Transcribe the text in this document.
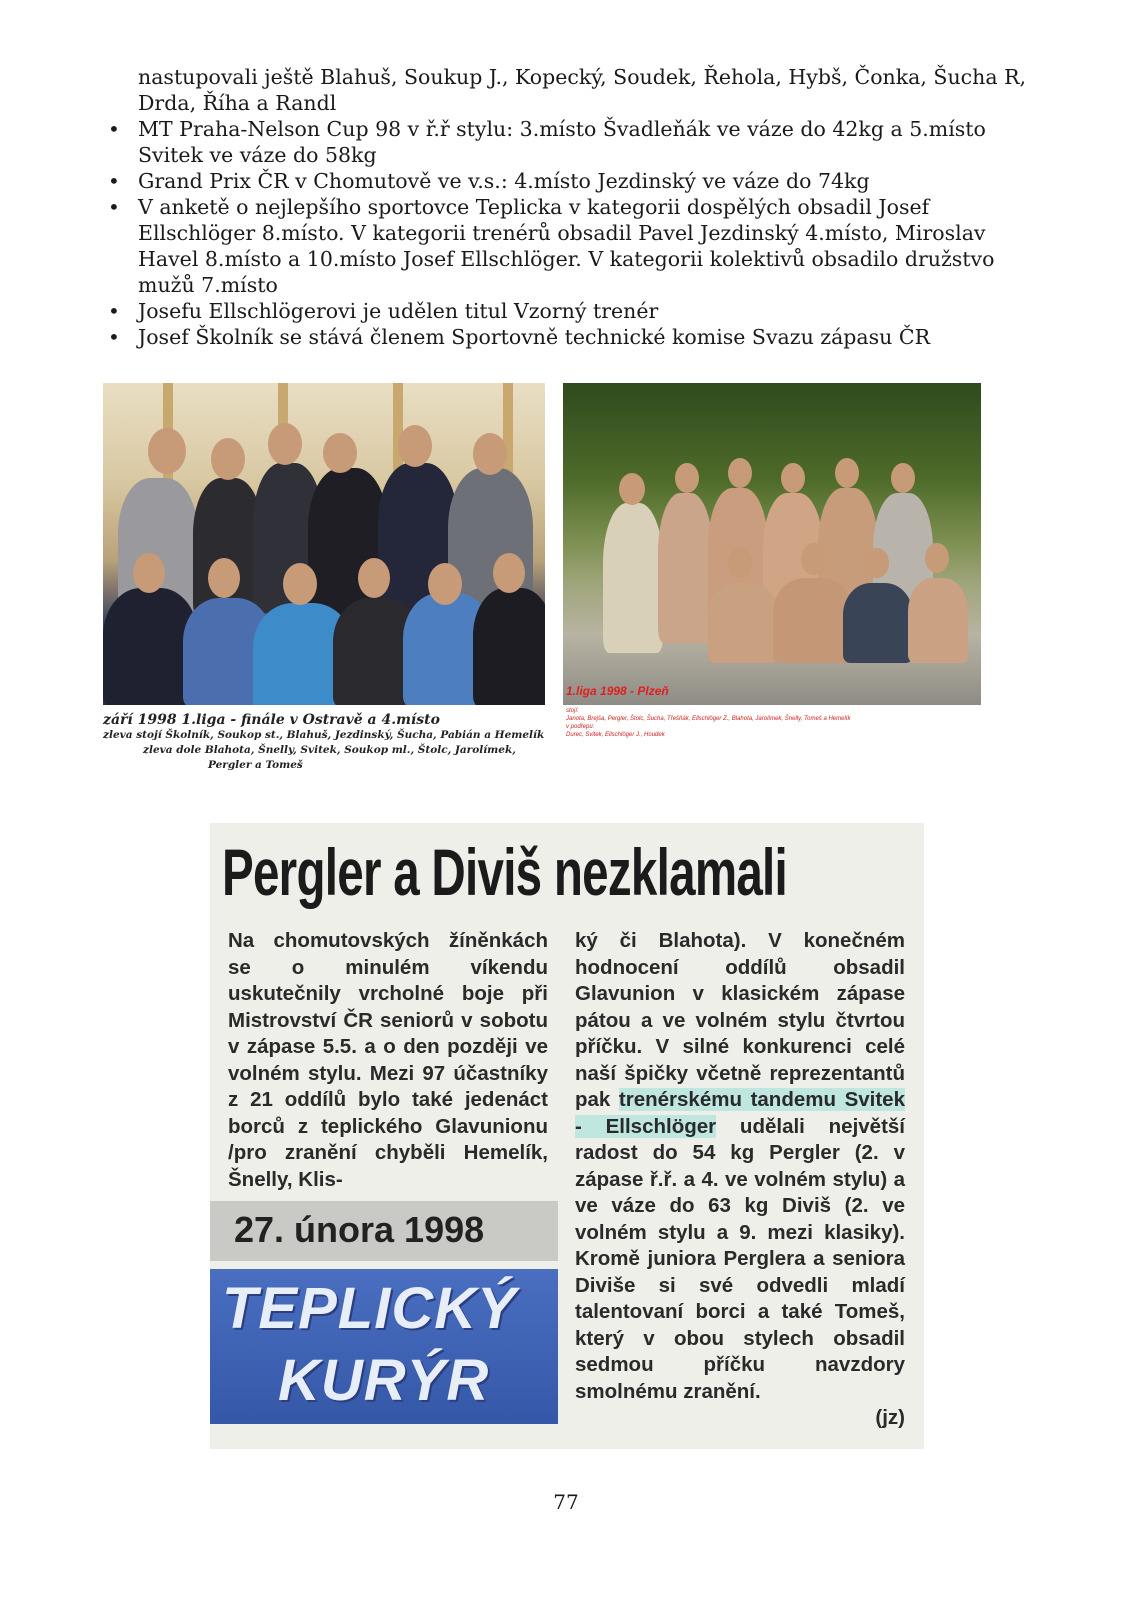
nastupovali ještě Blahuš, Soukup J., Kopecký, Soudek, Řehola, Hybš, Čonka, Šucha R, Drda, Říha a Randl

• MT Praha-Nelson Cup 98 v ř.ř stylu: 3.místo Švadleňák ve váze do 42kg a 5.místo Svitek ve váze do 58kg
• Grand Prix ČR v Chomutově ve v.s.: 4.místo Jezdinský ve váze do 74kg
• V anketě o nejlepšího sportovce Teplicka v kategorii dospělých obsadil Josef Ellschlöger 8.místo. V kategorii trenérů obsadil Pavel Jezdinský 4.místo, Miroslav Havel 8.místo a 10.místo Josef Ellschlöger. V kategorii kolektivů obsadilo družstvo mužů 7.místo
• Josefu Ellschlögerovi je udělen titul Vzorný trenér
• Josef Školník se stává členem Sportovně technické komise Svazu zápasu ČR
září 1998 1.liga - finále v Ostravě a 4.místo
zleva stojí Školník, Soukop st., Blahuš, Jezdinský, Šucha, Pabián a Hemelík
zleva dole Blahota, Šnelly, Svitek, Soukop ml., Štolc, Jarolímek,
Pergler a Tomeš
1.liga 1998 - Plzeň
stojí:
Janota, Brejša, Pergler, Štolc, Šucha, Třešňák, Ellschlöger Z., Blahota, Jarolímek, Šnelly, Tomeš a Hemelík
v podřepu:
Durec, Svitek, Ellschlöger J., Houdek
Pergler a Diviš nezklamali
Na chomutovských žíněnkách se o minulém víkendu uskutečnily vrcholné boje při Mistrovství ČR seniorů v sobotu v zápase 5.5. a o den později ve volném stylu. Mezi 97 účastníky z 21 oddílů bylo také jedenáct borců z teplického Glavunionu /pro zranění chyběli Hemelík, Šnelly, Klis-
ký či Blahota). V konečném hodnocení oddílů obsadil Glavunion v klasickém zápase pátou a ve volném stylu čtvrtou příčku. V silné konkurenci celé naší špičky včetně reprezentantů pak trenérskému tandemu Svitek - Ellschlöger udělali největší radost do 54 kg Pergler (2. v zápase ř.ř. a 4. ve volném stylu) a ve váze do 63 kg Diviš (2. ve volném stylu a 9. mezi klasiky). Kromě juniora Perglera a seniora Diviše si své odvedli mladí talentovaní borci a také Tomeš, který v obou stylech obsadil sedmou příčku navzdory smolnému zranění.
(jz)
27. února 1998
TEPLICKÝ
KURÝR
77
